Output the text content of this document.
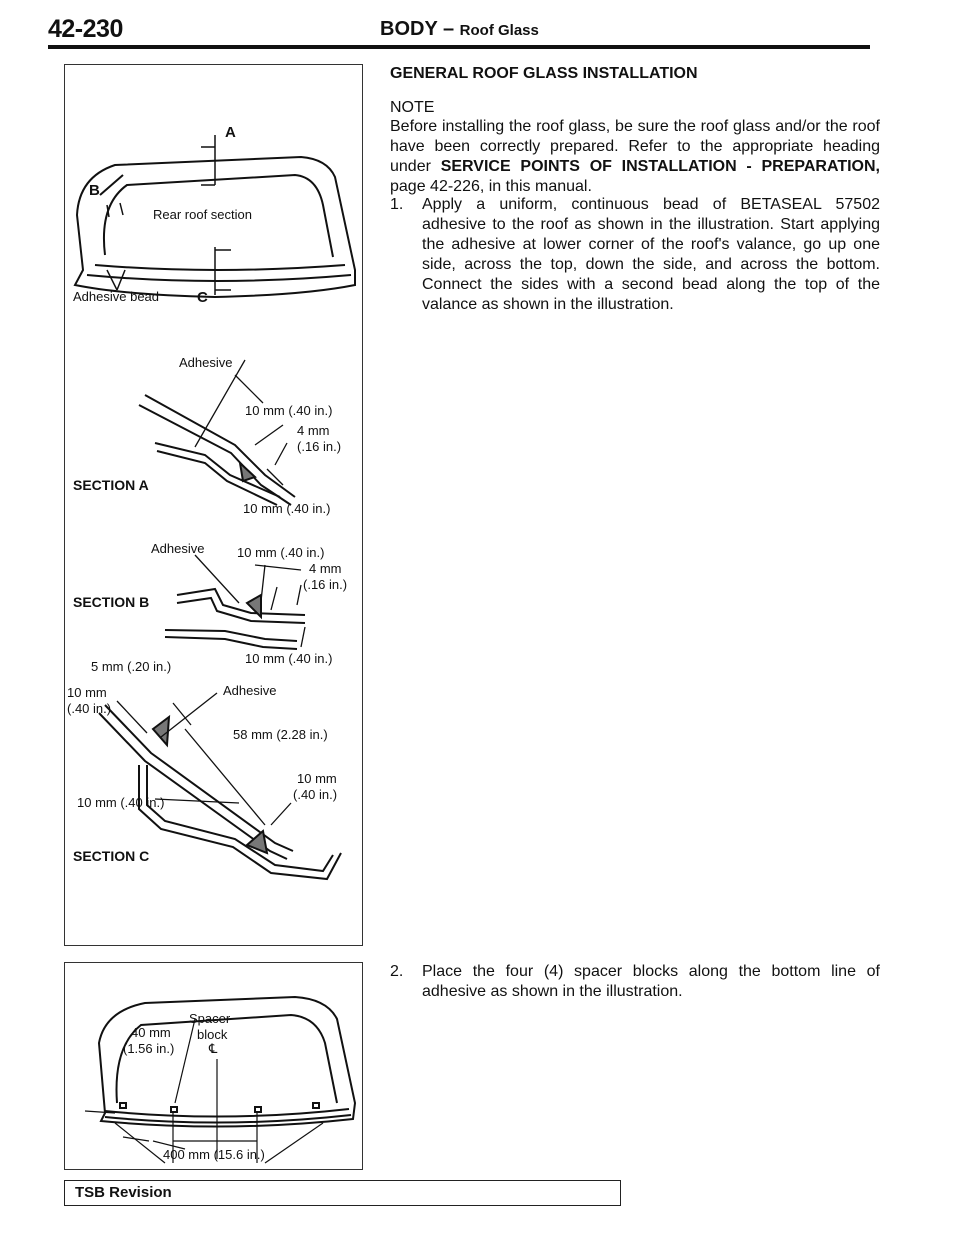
42-230	BODY – Roof Glass
A
B
C
Rear roof section
Adhesive bead
Adhesive
10 mm (.40 in.)
4 mm
(.16 in.)
SECTION A
10 mm (.40 in.)
Adhesive	10 mm (.40 in.)
4 mm
(.16 in.)
SECTION B
10 mm (.40 in.)
5 mm (.20 in.)
10 mm
(.40 in.)
Adhesive
58 mm (2.28 in.)
10 mm
(.40 in.)
10 mm (.40 in.)
SECTION C
Spacer
block
℄
40 mm
(1.56 in.)
400 mm (15.6 in.)
GENERAL ROOF GLASS INSTALLATION
NOTE
Before installing the roof glass, be sure the roof glass and/or the roof have been correctly prepared. Refer to the appropriate heading under SERVICE POINTS OF INSTALLATION - PREPARATION, page 42-226, in this manual.
1.	Apply a uniform, continuous bead of BETASEAL 57502 adhesive to the roof as shown in the illustration. Start applying the adhesive at lower corner of the roof's valance, go up one side, across the top, down the side, and across the bottom. Connect the sides with a second bead along the top of the valance as shown in the illustration.
2.	Place the four (4) spacer blocks along the bottom line of adhesive as shown in the illustration.
TSB Revision
